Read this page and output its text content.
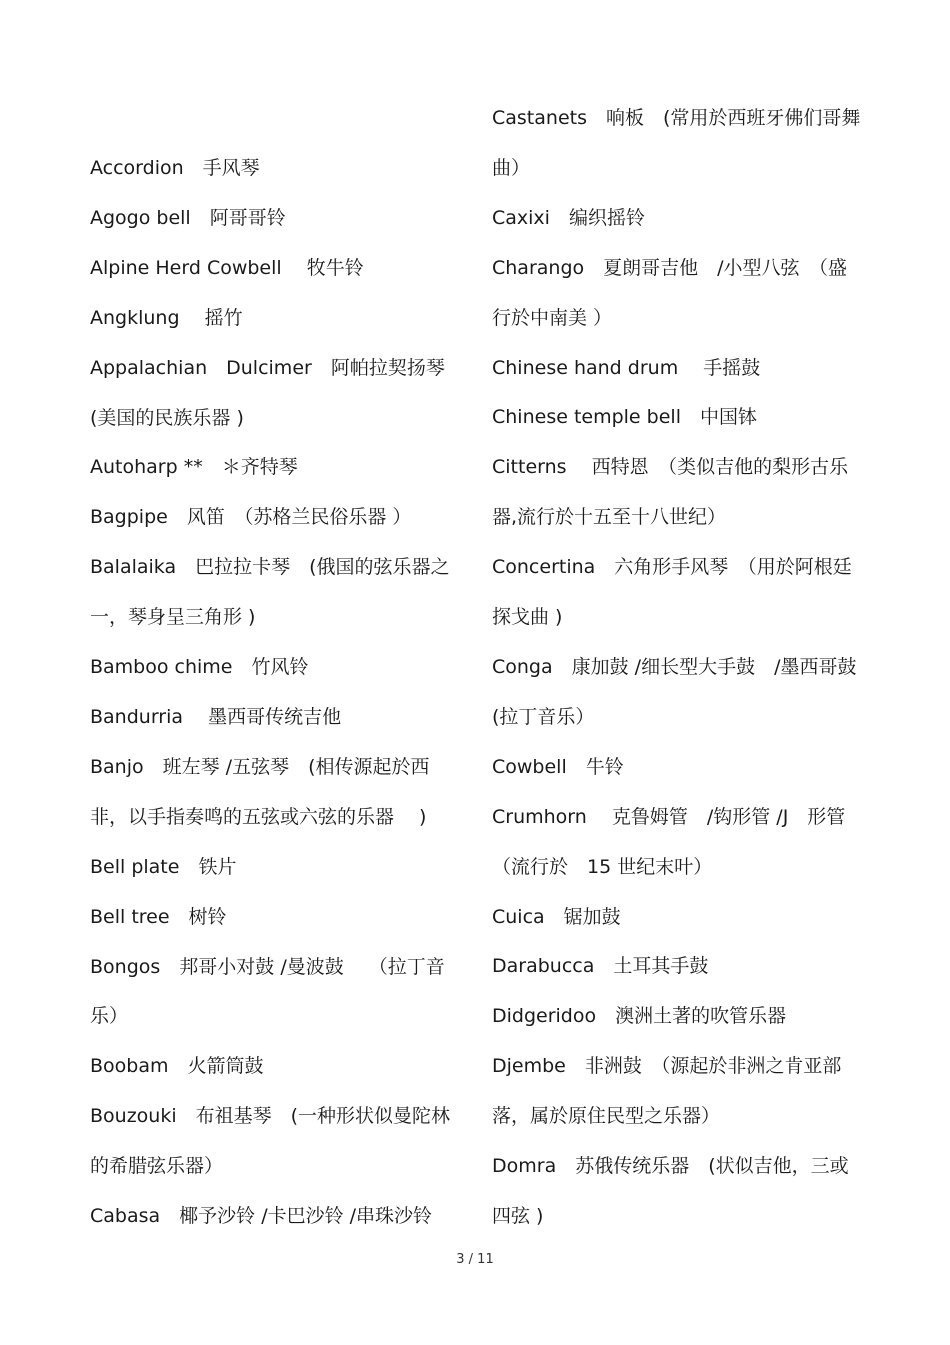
Accordion　手风琴

Agogo bell　阿哥哥铃

Alpine Herd Cowbell　 牧牛铃

Angklung　 摇竹

Appalachian　Dulcimer　阿帕拉契扬琴 (美国的民族乐器 )

Autoharp **　＊齐特琴

Bagpipe　风笛　（苏格兰民俗乐器 ）

Balalaika　巴拉拉卡琴　(俄国的弦乐器之一，琴身呈三角形 )

Bamboo chime　竹风铃

Bandurria　 墨西哥传统吉他

Banjo　班左琴 /五弦琴　(相传源起於西非，以手指奏鸣的五弦或六弦的乐器　 )

Bell plate　铁片

Bell tree　树铃

Bongos　邦哥小对鼓 /曼波鼓　 （拉丁音乐）

Boobam　火箭筒鼓

Bouzouki　布祖基琴　(一种形状似曼陀林的希腊弦乐器）

Cabasa　椰予沙铃 /卡巴沙铃 /串珠沙铃

Castanets　响板　(常用於西班牙佛们哥舞曲）

Caxixi　编织摇铃

Charango　夏朗哥吉他　/小型八弦　（盛行於中南美 ）

Chinese hand drum　 手摇鼓

Chinese temple bell　中国钵

Citterns　 西特恩　（类似吉他的梨形古乐器,流行於十五至十八世纪）

Concertina　六角形手风琴　（用於阿根廷探戈曲 )

Conga　康加鼓 /细长型大手鼓　/墨西哥鼓 (拉丁音乐）

Cowbell　牛铃

Crumhorn　 克鲁姆管　/钩形管 /J　形管（流行於　15 世纪末叶）

Cuica　锯加鼓

Darabucca　土耳其手鼓

Didgeridoo　澳洲土著的吹管乐器

Djembe　非洲鼓　（源起於非洲之肯亚部落，属於原住民型之乐器）

Domra　苏俄传统乐器　(状似吉他，三或四弦 )

3 / 11
